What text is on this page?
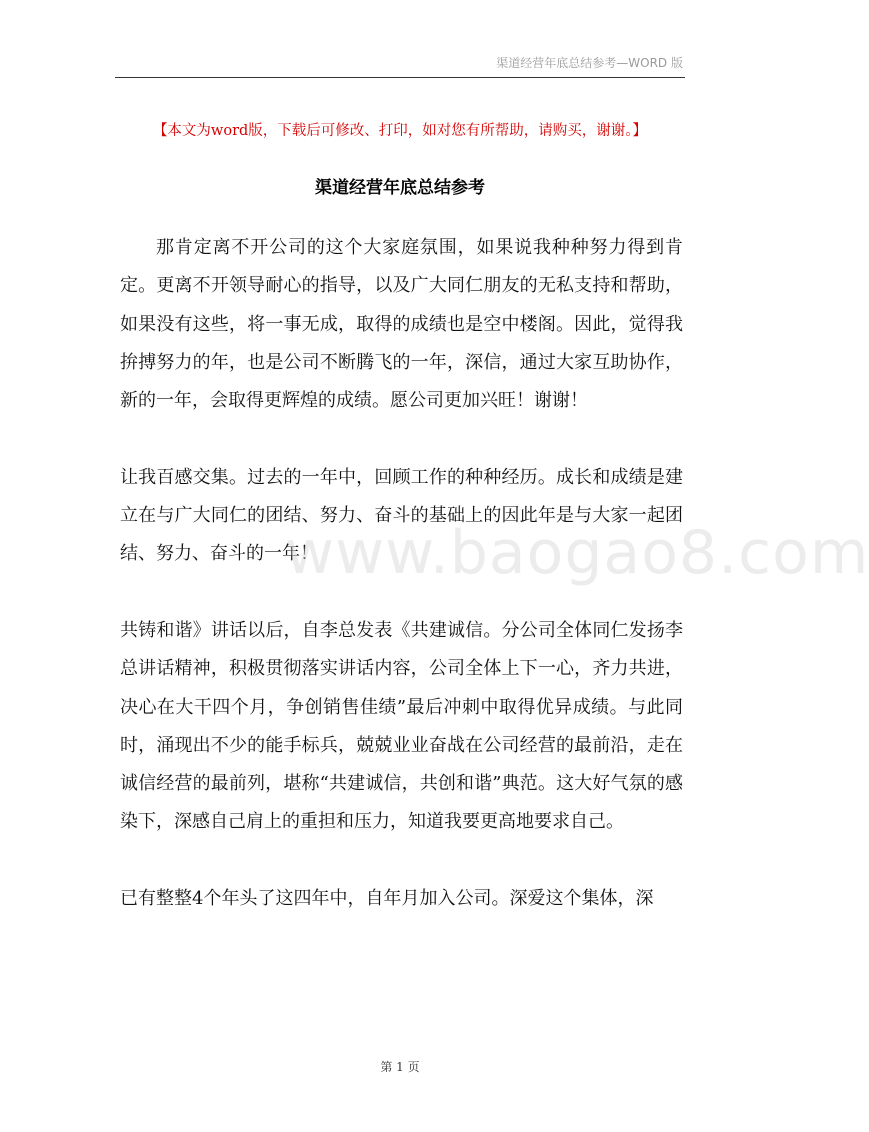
渠道经营年底总结参考—WORD 版
【本文为word版，下载后可修改、打印，如对您有所帮助，请购买，谢谢。】
渠道经营年底总结参考

那肯定离不开公司的这个大家庭氛围，如果说我种种努力得到肯定。更离不开领导耐心的指导，以及广大同仁朋友的无私支持和帮助，如果没有这些，将一事无成，取得的成绩也是空中楼阁。因此，觉得我拚搏努力的年，也是公司不断腾飞的一年，深信，通过大家互助协作，新的一年，会取得更辉煌的成绩。愿公司更加兴旺！谢谢！

让我百感交集。过去的一年中，回顾工作的种种经历。成长和成绩是建立在与广大同仁的团结、努力、奋斗的基础上的因此年是与大家一起团结、努力、奋斗的一年！

共铸和谐》讲话以后，自李总发表《共建诚信。分公司全体同仁发扬李总讲话精神，积极贯彻落实讲话内容，公司全体上下一心，齐力共进，决心在大干四个月，争创销售佳绩”最后冲刺中取得优异成绩。与此同时，涌现出不少的能手标兵，兢兢业业奋战在公司经营的最前沿，走在诚信经营的最前列，堪称“共建诚信，共创和谐”典范。这大好气氛的感染下，深感自己肩上的重担和压力，知道我要更高地要求自己。

已有整整4个年头了这四年中，自年月加入公司。深爱这个集体，深

www.baogao8.com
第 1 页
